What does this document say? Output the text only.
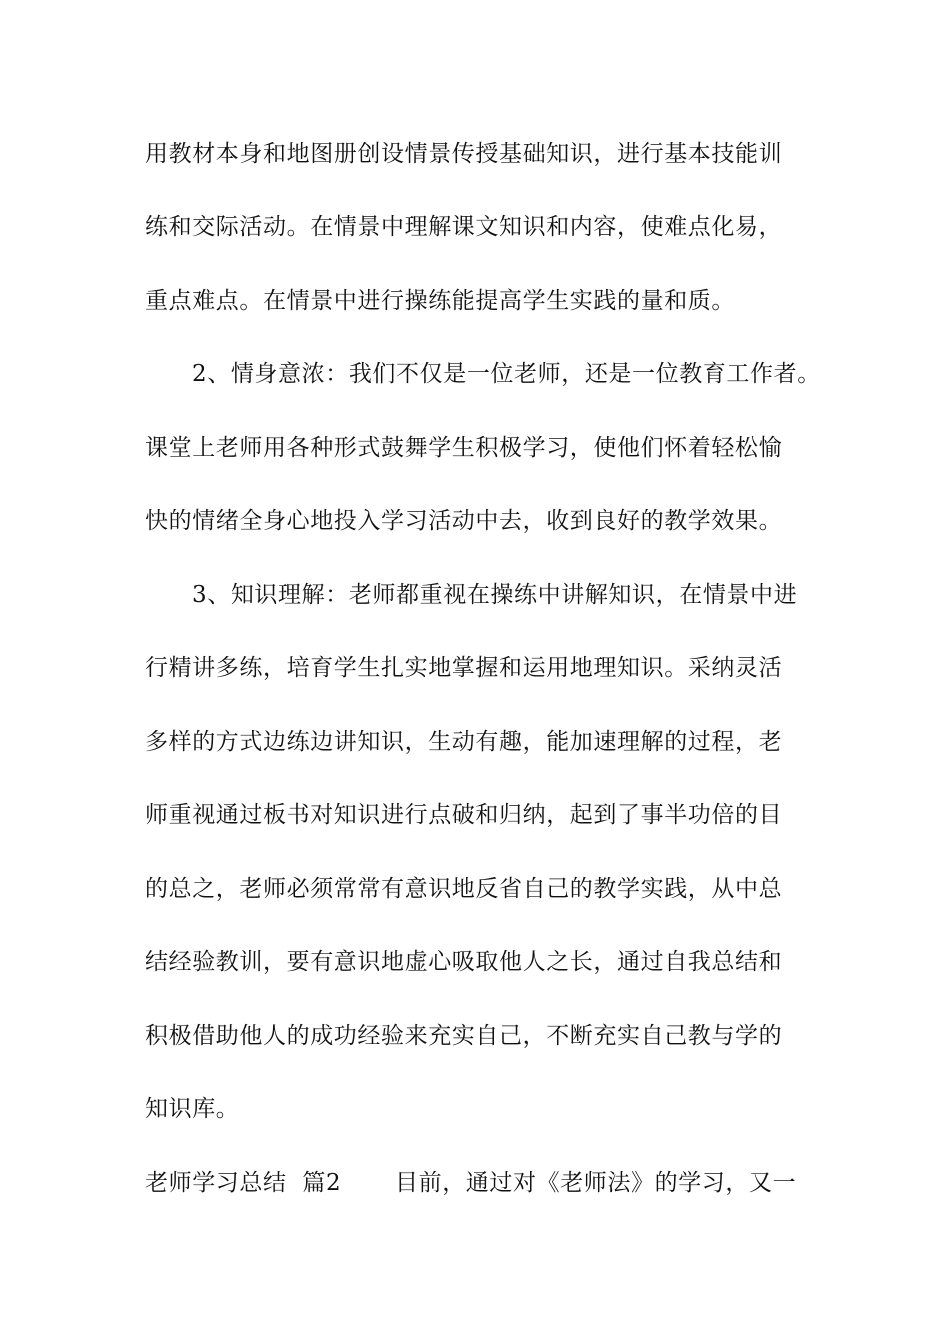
用教材本身和地图册创设情景传授基础知识，进行基本技能训
练和交际活动。在情景中理解课文知识和内容，使难点化易，
重点难点。在情景中进行操练能提高学生实践的量和质。
2、情身意浓：我们不仅是一位老师，还是一位教育工作者。
课堂上老师用各种形式鼓舞学生积极学习，使他们怀着轻松愉
快的情绪全身心地投入学习活动中去，收到良好的教学效果。
3、知识理解：老师都重视在操练中讲解知识，在情景中进
行精讲多练，培育学生扎实地掌握和运用地理知识。采纳灵活
多样的方式边练边讲知识，生动有趣，能加速理解的过程，老
师重视通过板书对知识进行点破和归纳，起到了事半功倍的目
的总之，老师必须常常有意识地反省自己的教学实践，从中总
结经验教训，要有意识地虚心吸取他人之长，通过自我总结和
积极借助他人的成功经验来充实自己，不断充实自己教与学的
知识库。
老师学习总结  篇2 目前，通过对《老师法》的学习，又一
